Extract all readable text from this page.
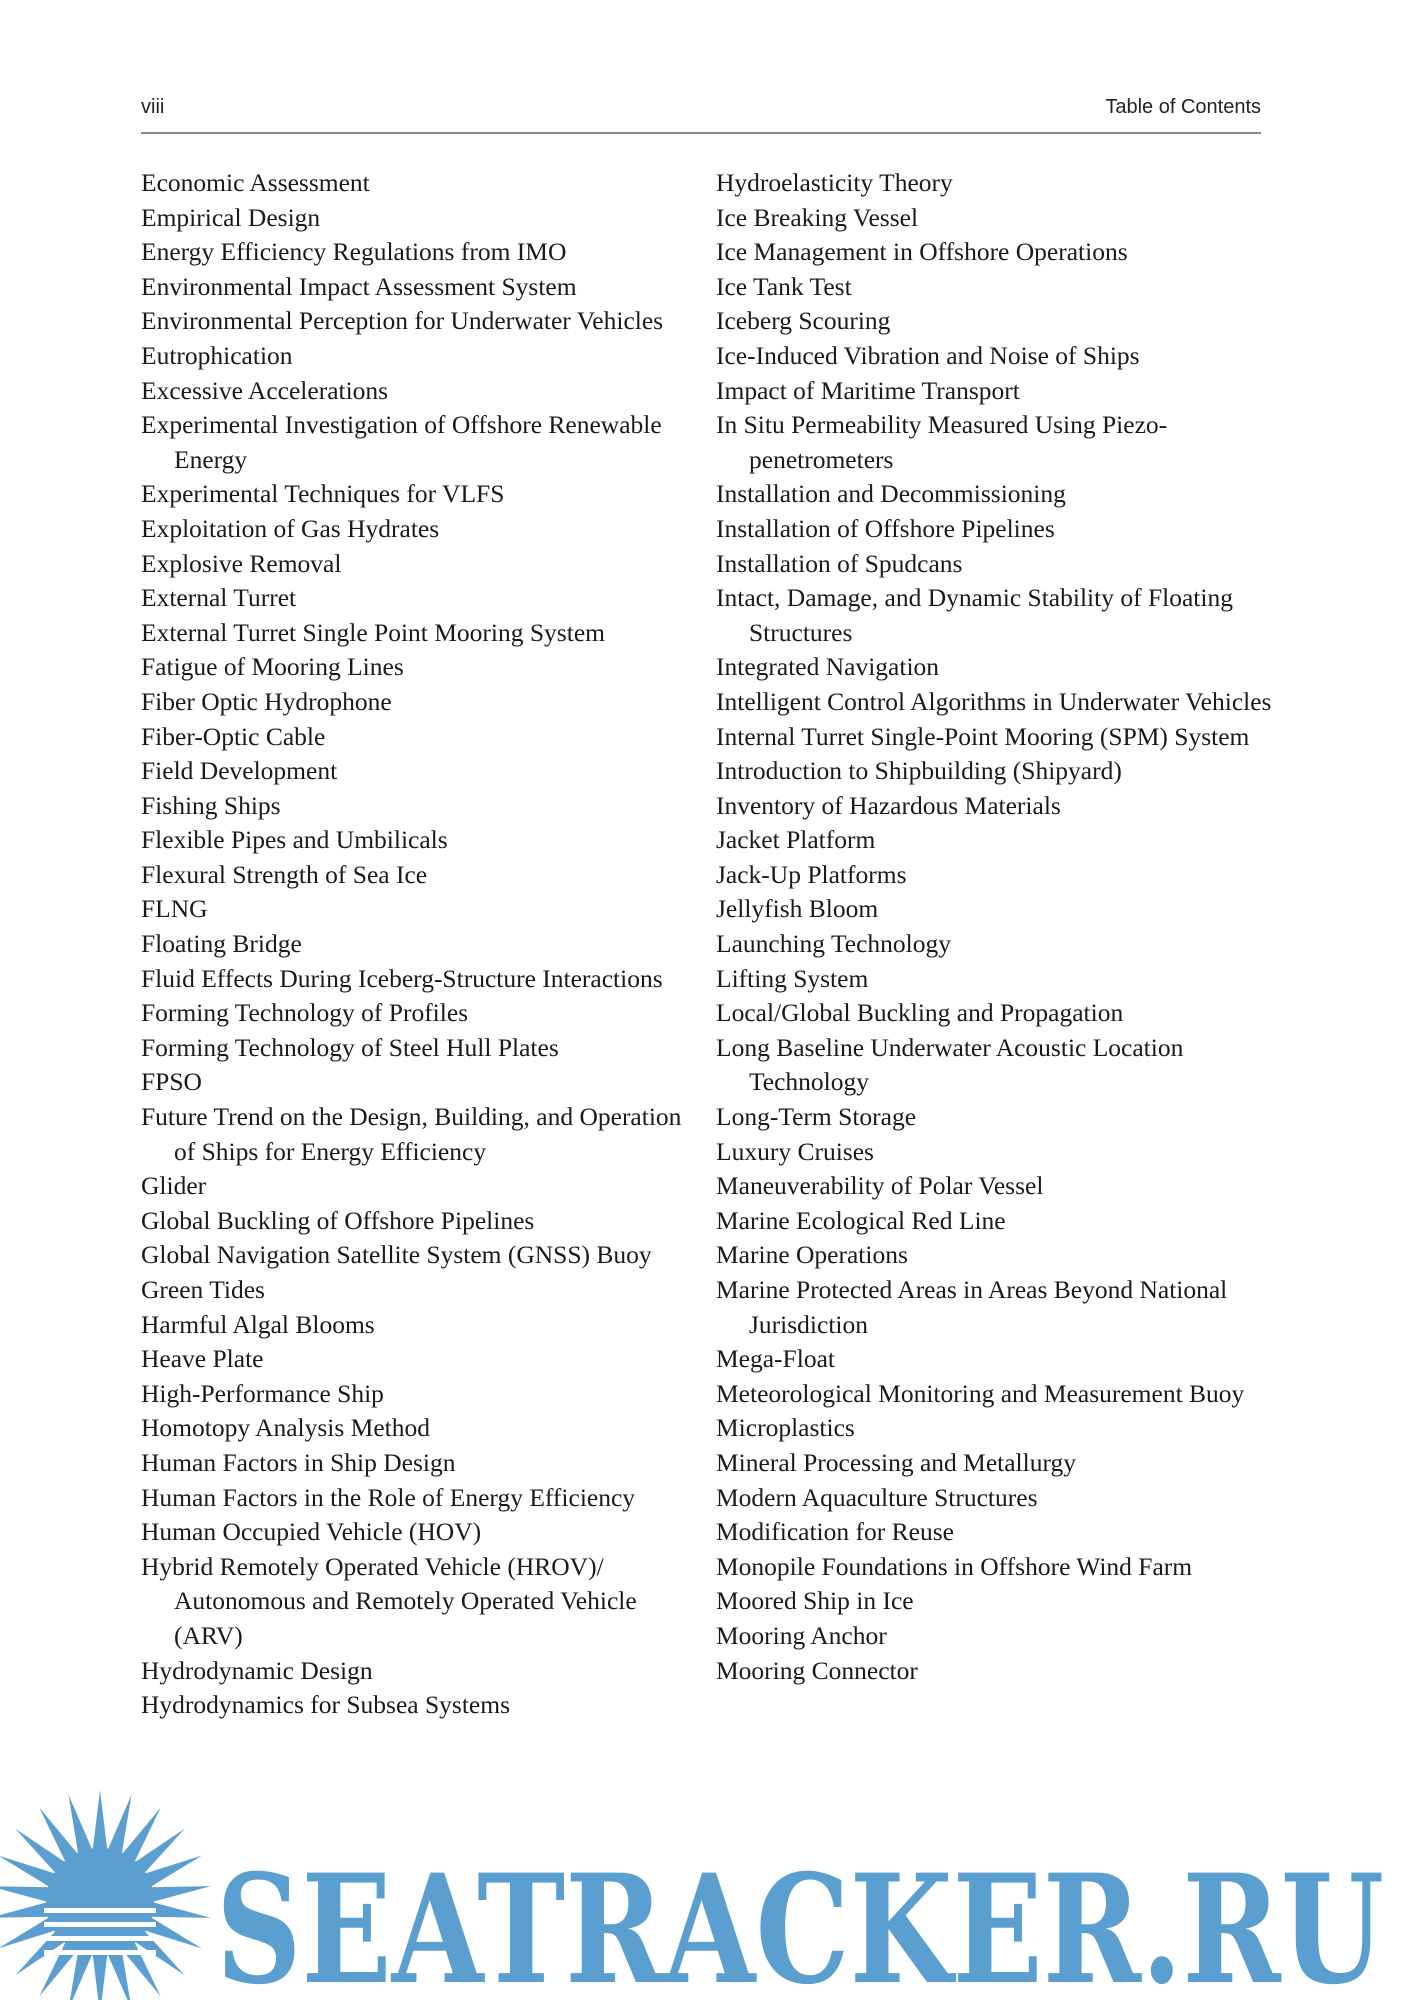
viii	Table of Contents
Economic Assessment
Empirical Design
Energy Efficiency Regulations from IMO
Environmental Impact Assessment System
Environmental Perception for Underwater Vehicles
Eutrophication
Excessive Accelerations
Experimental Investigation of Offshore Renewable Energy
Experimental Techniques for VLFS
Exploitation of Gas Hydrates
Explosive Removal
External Turret
External Turret Single Point Mooring System
Fatigue of Mooring Lines
Fiber Optic Hydrophone
Fiber-Optic Cable
Field Development
Fishing Ships
Flexible Pipes and Umbilicals
Flexural Strength of Sea Ice
FLNG
Floating Bridge
Fluid Effects During Iceberg-Structure Interactions
Forming Technology of Profiles
Forming Technology of Steel Hull Plates
FPSO
Future Trend on the Design, Building, and Operation of Ships for Energy Efficiency
Glider
Global Buckling of Offshore Pipelines
Global Navigation Satellite System (GNSS) Buoy
Green Tides
Harmful Algal Blooms
Heave Plate
High-Performance Ship
Homotopy Analysis Method
Human Factors in Ship Design
Human Factors in the Role of Energy Efficiency
Human Occupied Vehicle (HOV)
Hybrid Remotely Operated Vehicle (HROV)/ Autonomous and Remotely Operated Vehicle (ARV)
Hydrodynamic Design
Hydrodynamics for Subsea Systems
Hydroelasticity Theory
Ice Breaking Vessel
Ice Management in Offshore Operations
Ice Tank Test
Iceberg Scouring
Ice-Induced Vibration and Noise of Ships
Impact of Maritime Transport
In Situ Permeability Measured Using Piezo-penetrometers
Installation and Decommissioning
Installation of Offshore Pipelines
Installation of Spudcans
Intact, Damage, and Dynamic Stability of Floating Structures
Integrated Navigation
Intelligent Control Algorithms in Underwater Vehicles
Internal Turret Single-Point Mooring (SPM) System
Introduction to Shipbuilding (Shipyard)
Inventory of Hazardous Materials
Jacket Platform
Jack-Up Platforms
Jellyfish Bloom
Launching Technology
Lifting System
Local/Global Buckling and Propagation
Long Baseline Underwater Acoustic Location Technology
Long-Term Storage
Luxury Cruises
Maneuverability of Polar Vessel
Marine Ecological Red Line
Marine Operations
Marine Protected Areas in Areas Beyond National Jurisdiction
Mega-Float
Meteorological Monitoring and Measurement Buoy
Microplastics
Mineral Processing and Metallurgy
Modern Aquaculture Structures
Modification for Reuse
Monopile Foundations in Offshore Wind Farm
Moored Ship in Ice
Mooring Anchor
Mooring Connector
SEATRACKER.RU
